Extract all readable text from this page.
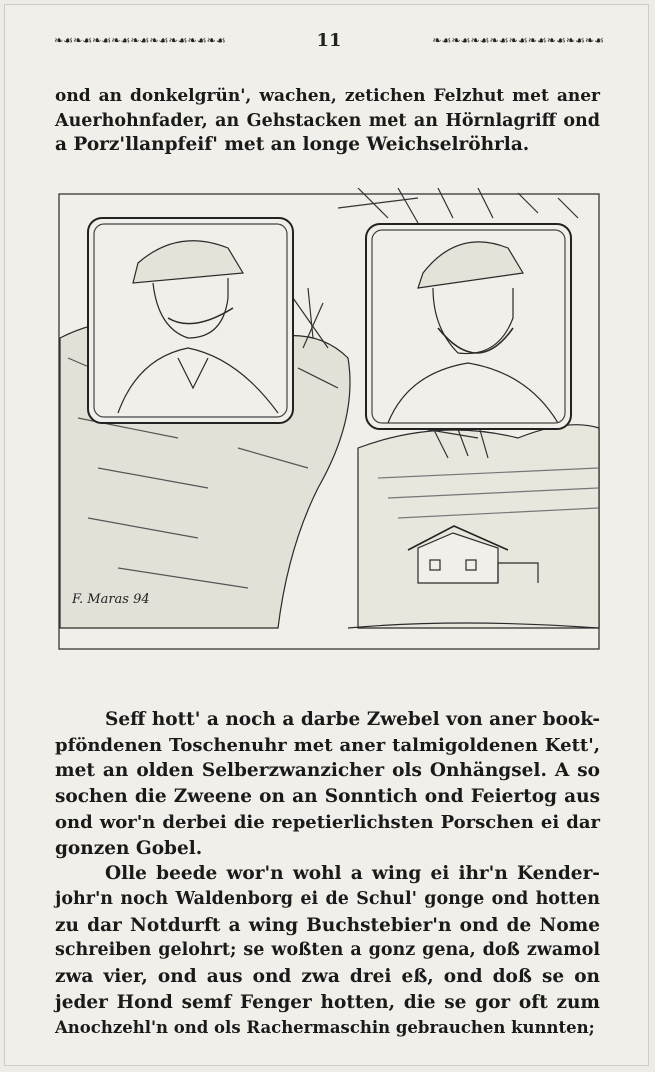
❧☙❧☙❧☙❧☙❧☙❧☙❧☙❧☙❧☙	11	❧☙❧☙❧☙❧☙❧☙❧☙❧☙❧☙❧☙
ond an donkelgrün', wachen, zetichen Felzhut met aner
Auerhohnfader, an Gehstacken met an Hörnlagriff ond
a Porz'llanpfeif' met an longe Weichselröhrla.
F. Maras 94
Seff hott' a noch a darbe Zwebel von aner book-
pföndenen Toschenuhr met aner talmigoldenen Kett',
met an olden Selberzwanzicher ols Onhängsel. A so
sochen die Zweene on an Sonntich ond Feiertog aus
ond wor'n derbei die repetierlichsten Porschen ei dar
gonzen Gobel.
Olle beede wor'n wohl a wing ei ihr'n Kender-
johr'n noch Waldenborg ei de Schul' gonge ond hotten
zu dar Notdurft a wing Buchstebier'n ond de Nome
schreiben gelohrt; se woßten a gonz gena, doß zwamol
zwa vier, ond aus ond zwa drei eß, ond doß se on
jeder Hond semf Fenger hotten, die se gor oft zum
Anochzehl'n ond ols Rachermaschin gebrauchen kunnten;
